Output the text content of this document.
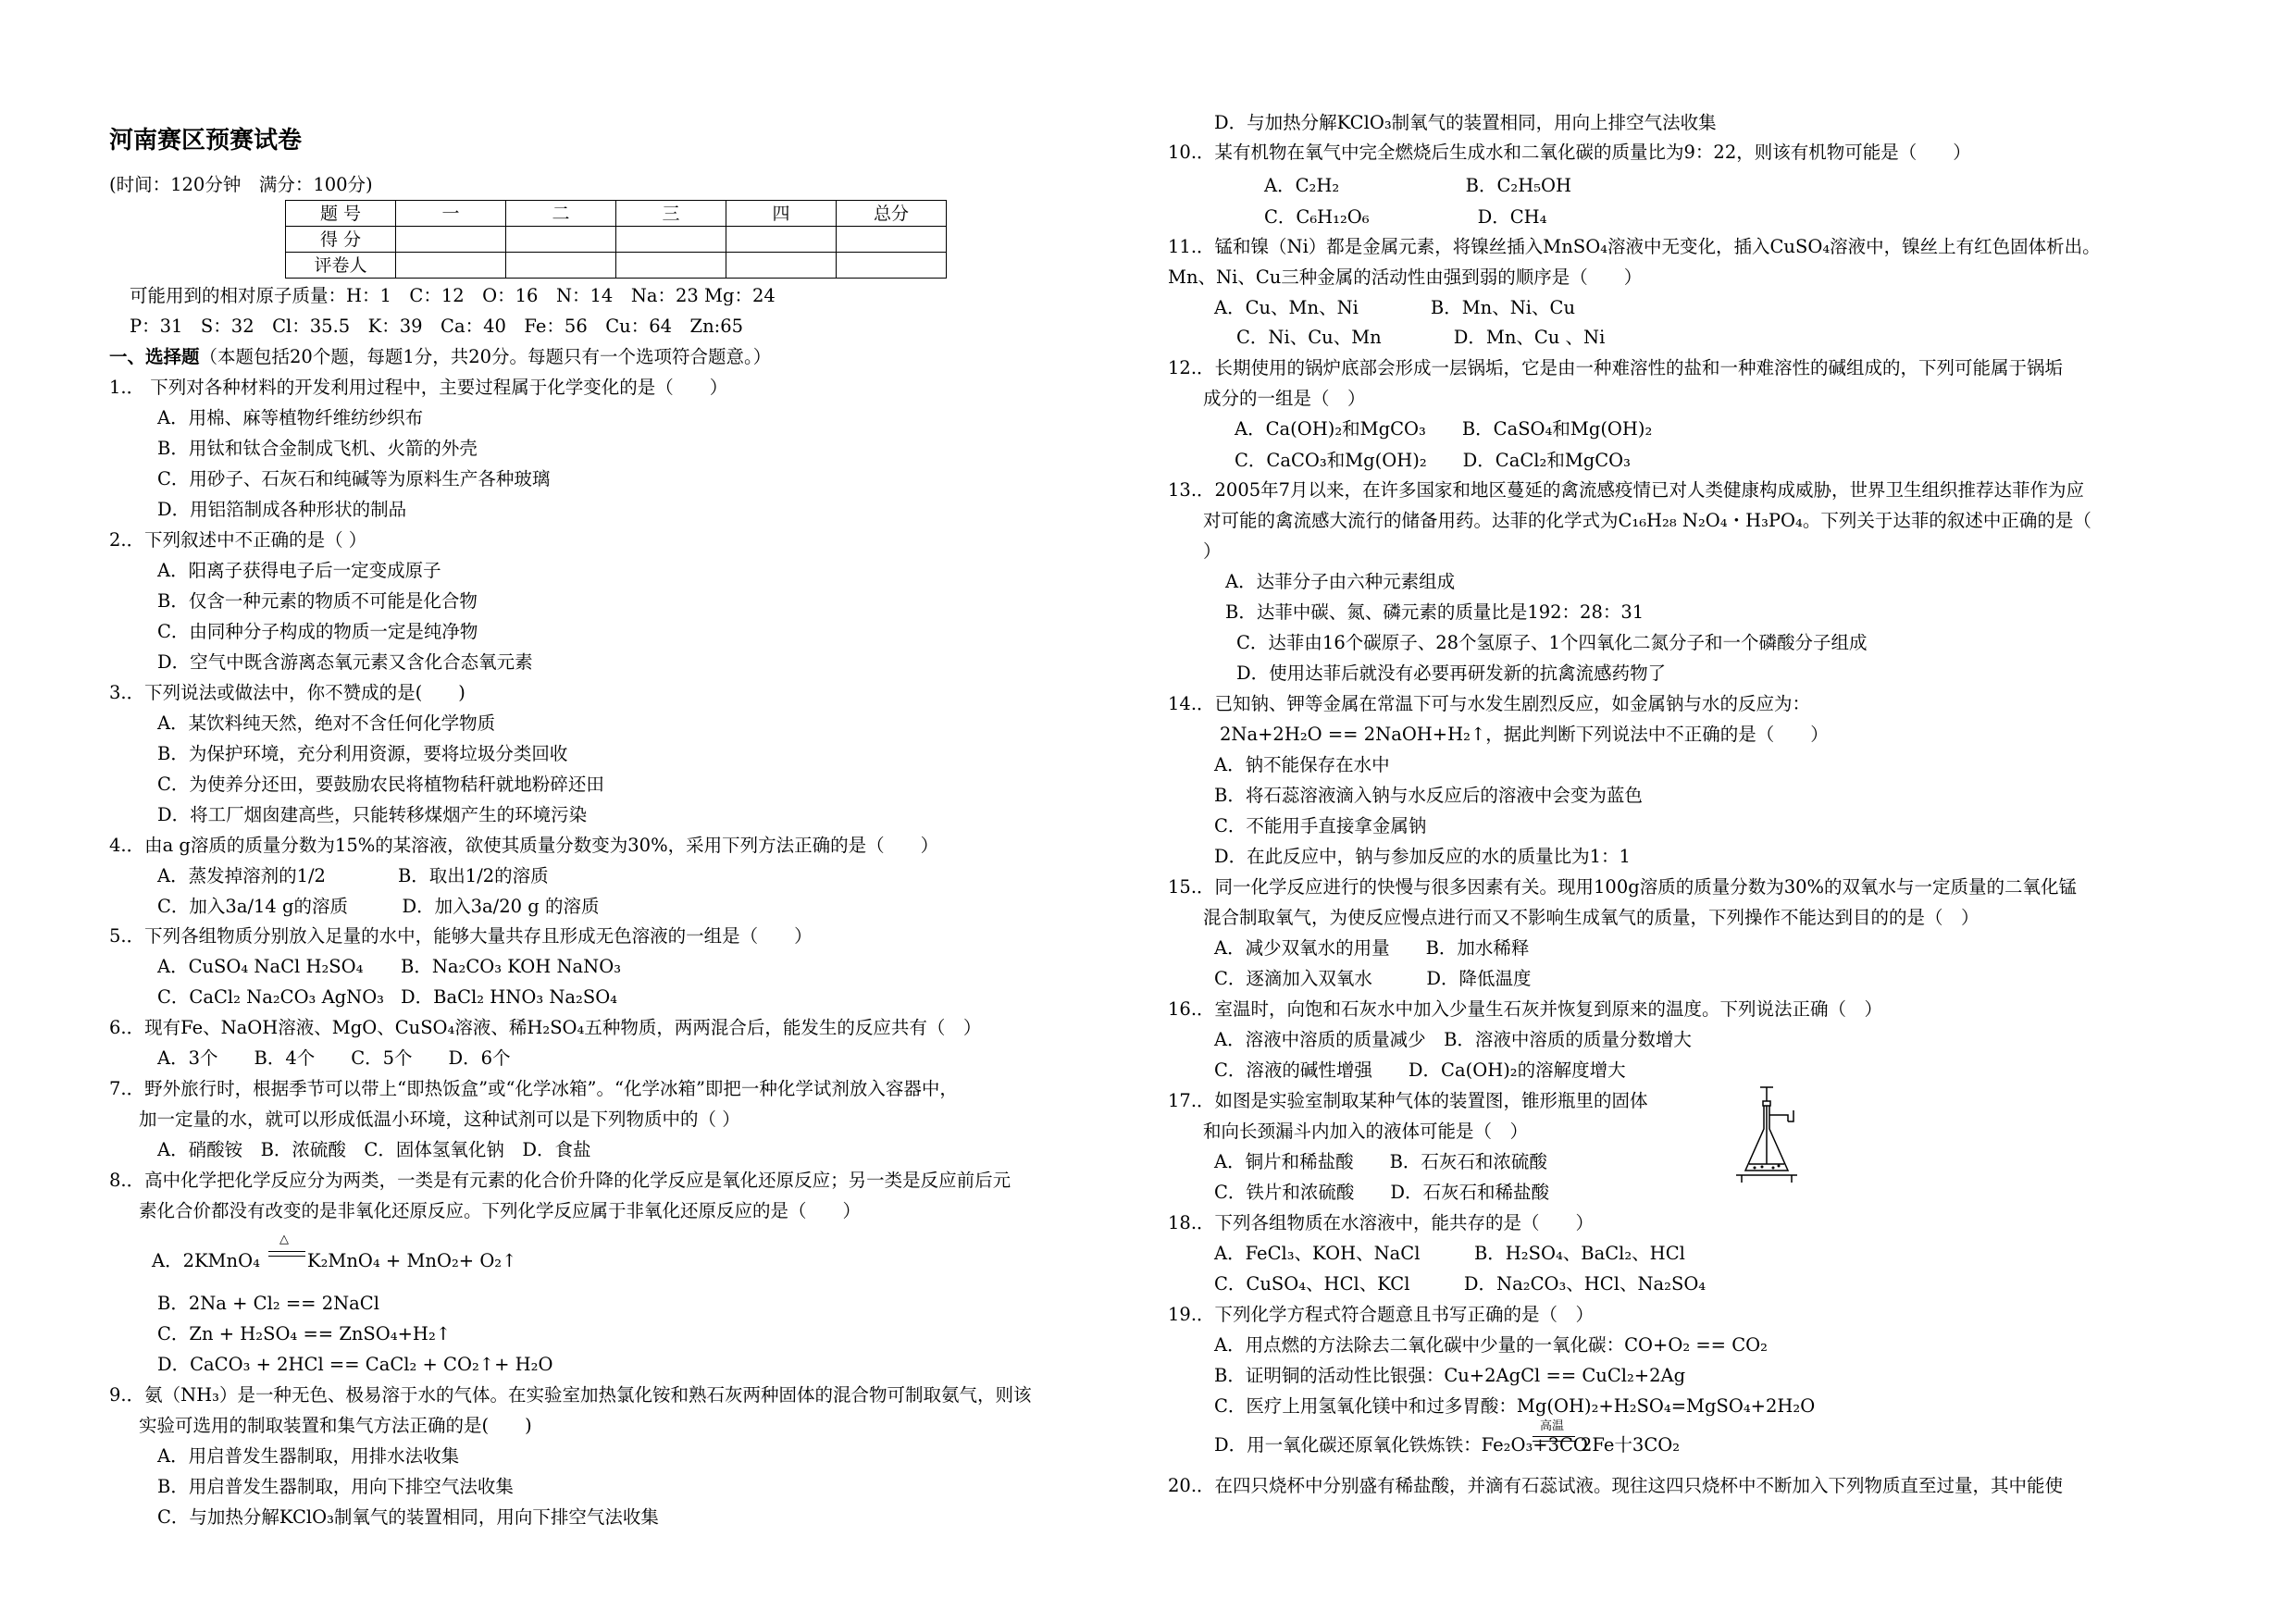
河南赛区预赛试卷
(时间：120分钟　满分：100分)
题 号	一	二	三	四	总分
得 分					
评卷人					
可能用到的相对原子质量：H：1　C：12　O：16　N：14　Na：23 Mg：24
P：31　S：32　Cl：35.5　K：39　Ca：40　Fe：56　Cu：64　Zn:65
一、选择题（本题包括20个题，每题1分，共20分。每题只有一个选项符合题意。）
1.． 下列对各种材料的开发利用过程中，主要过程属于化学变化的是（　　）
A．用棉、麻等植物纤维纺纱织布
B．用钛和钛合金制成飞机、火箭的外壳
C．用砂子、石灰石和纯碱等为原料生产各种玻璃
D．用铝箔制成各种形状的制品
2.．下列叙述中不正确的是（ ）
A．阳离子获得电子后一定变成原子
B．仅含一种元素的物质不可能是化合物
C．由同种分子构成的物质一定是纯净物
D．空气中既含游离态氧元素又含化合态氧元素
3.．下列说法或做法中，你不赞成的是(　　)
A．某饮料纯天然，绝对不含任何化学物质
B．为保护环境，充分利用资源，要将垃圾分类回收
C．为使养分还田，要鼓励农民将植物秸秆就地粉碎还田
D．将工厂烟囱建高些，只能转移煤烟产生的环境污染
4.．由a g溶质的质量分数为15%的某溶液，欲使其质量分数变为30%，采用下列方法正确的是（　　）
A．蒸发掉溶剂的1/2　　　　B．取出1/2的溶质
C．加入3a/14 g的溶质　　　D．加入3a/20 g 的溶质
5.．下列各组物质分别放入足量的水中，能够大量共存且形成无色溶液的一组是（　　）
A．CuSO₄ NaCl H₂SO₄ B．Na₂CO₃ KOH NaNO₃
C．CaCl₂ Na₂CO₃ AgNO₃ D．BaCl₂ HNO₃ Na₂SO₄
6.．现有Fe、NaOH溶液、MgO、CuSO₄溶液、稀H₂SO₄五种物质，两两混合后，能发生的反应共有（　）
A．3个　　B．4个　　C．5个　　D．6个
7.．野外旅行时，根据季节可以带上“即热饭盒”或“化学冰箱”。“化学冰箱”即把一种化学试剂放入容器中，
加一定量的水，就可以形成低温小环境，这种试剂可以是下列物质中的（ ）
A．硝酸铵　B．浓硫酸　C．固体氢氧化钠　D．食盐
8.．高中化学把化学反应分为两类，一类是有元素的化合价升降的化学反应是氧化还原反应；另一类是反应前后元
素化合价都没有改变的是非氧化还原反应。下列化学反应属于非氧化还原反应的是（　　）
A．2KMnO₄
△
K₂MnO₄ + MnO₂+ O₂↑
B．2Na + Cl₂ == 2NaCl
C．Zn + H₂SO₄ == ZnSO₄+H₂↑
D．CaCO₃ + 2HCl == CaCl₂ + CO₂↑+ H₂O
9.．氨（NH₃）是一种无色、极易溶于水的气体。在实验室加热氯化铵和熟石灰两种固体的混合物可制取氨气，则该
实验可选用的制取装置和集气方法正确的是(　　)
A．用启普发生器制取，用排水法收集
B．用启普发生器制取，用向下排空气法收集
C．与加热分解KClO₃制氧气的装置相同，用向下排空气法收集
D．与加热分解KClO₃制氧气的装置相同，用向上排空气法收集
10.．某有机物在氧气中完全燃烧后生成水和二氧化碳的质量比为9：22，则该有机物可能是（　　）
A．C₂H₂　　　　　　　B．C₂H₅OH
C．C₆H₁₂O₆　　　　　　D．CH₄
11.．锰和镍（Ni）都是金属元素，将镍丝插入MnSO₄溶液中无变化，插入CuSO₄溶液中，镍丝上有红色固体析出。
Mn、Ni、Cu三种金属的活动性由强到弱的顺序是（　　）
A．Cu、Mn、Ni　　　　B．Mn、Ni、Cu
C．Ni、Cu、Mn　　　　D．Mn、Cu 、Ni
12.．长期使用的锅炉底部会形成一层锅垢，它是由一种难溶性的盐和一种难溶性的碱组成的，下列可能属于锅垢
成分的一组是（　）
A．Ca(OH)₂和MgCO₃　　B．CaSO₄和Mg(OH)₂
C．CaCO₃和Mg(OH)₂　　D．CaCl₂和MgCO₃
13.．2005年7月以来，在许多国家和地区蔓延的禽流感疫情已对人类健康构成威胁，世界卫生组织推荐达菲作为应
对可能的禽流感大流行的储备用药。达菲的化学式为C₁₆H₂₈ N₂O₄・H₃PO₄。下列关于达菲的叙述中正确的是（
）
A．达菲分子由六种元素组成
B．达菲中碳、氮、磷元素的质量比是192：28：31
C．达菲由16个碳原子、28个氢原子、1个四氧化二氮分子和一个磷酸分子组成
D．使用达菲后就没有必要再研发新的抗禽流感药物了
14.．已知钠、钾等金属在常温下可与水发生剧烈反应，如金属钠与水的反应为：
2Na+2H₂O == 2NaOH+H₂↑，据此判断下列说法中不正确的是（　　）
A．钠不能保存在水中
B．将石蕊溶液滴入钠与水反应后的溶液中会变为蓝色
C．不能用手直接拿金属钠
D．在此反应中，钠与参加反应的水的质量比为1：1
15.．同一化学反应进行的快慢与很多因素有关。现用100g溶质的质量分数为30%的双氧水与一定质量的二氧化锰
混合制取氧气，为使反应慢点进行而又不影响生成氧气的质量，下列操作不能达到目的的是（　）
A．减少双氧水的用量　　B．加水稀释
C．逐滴加入双氧水　　　D．降低温度
16.．室温时，向饱和石灰水中加入少量生石灰并恢复到原来的温度。下列说法正确（　）
A．溶液中溶质的质量减少　B．溶液中溶质的质量分数增大
C．溶液的碱性增强　　D．Ca(OH)₂的溶解度增大
17.．如图是实验室制取某种气体的装置图，锥形瓶里的固体
和向长颈漏斗内加入的液体可能是（　）
A．铜片和稀盐酸　　B．石灰石和浓硫酸
C．铁片和浓硫酸　　D．石灰石和稀盐酸
18.．下列各组物质在水溶液中，能共存的是（　　）
A．FeCl₃、KOH、NaCl　　　B．H₂SO₄、BaCl₂、HCl
C．CuSO₄、HCl、KCl　　　D．Na₂CO₃、HCl、Na₂SO₄
19.．下列化学方程式符合题意且书写正确的是（　）
A．用点燃的方法除去二氧化碳中少量的一氧化碳：CO+O₂ == CO₂
B．证明铜的活动性比银强：Cu+2AgCl == CuCl₂+2Ag
C．医疗上用氢氧化镁中和过多胃酸：Mg(OH)₂+H₂SO₄=MgSO₄+2H₂O
D．用一氧化碳还原氧化铁炼铁：Fe₂O₃+3CO
高温
2Fe十3CO₂
20.．在四只烧杯中分别盛有稀盐酸，并滴有石蕊试液。现往这四只烧杯中不断加入下列物质直至过量，其中能使
